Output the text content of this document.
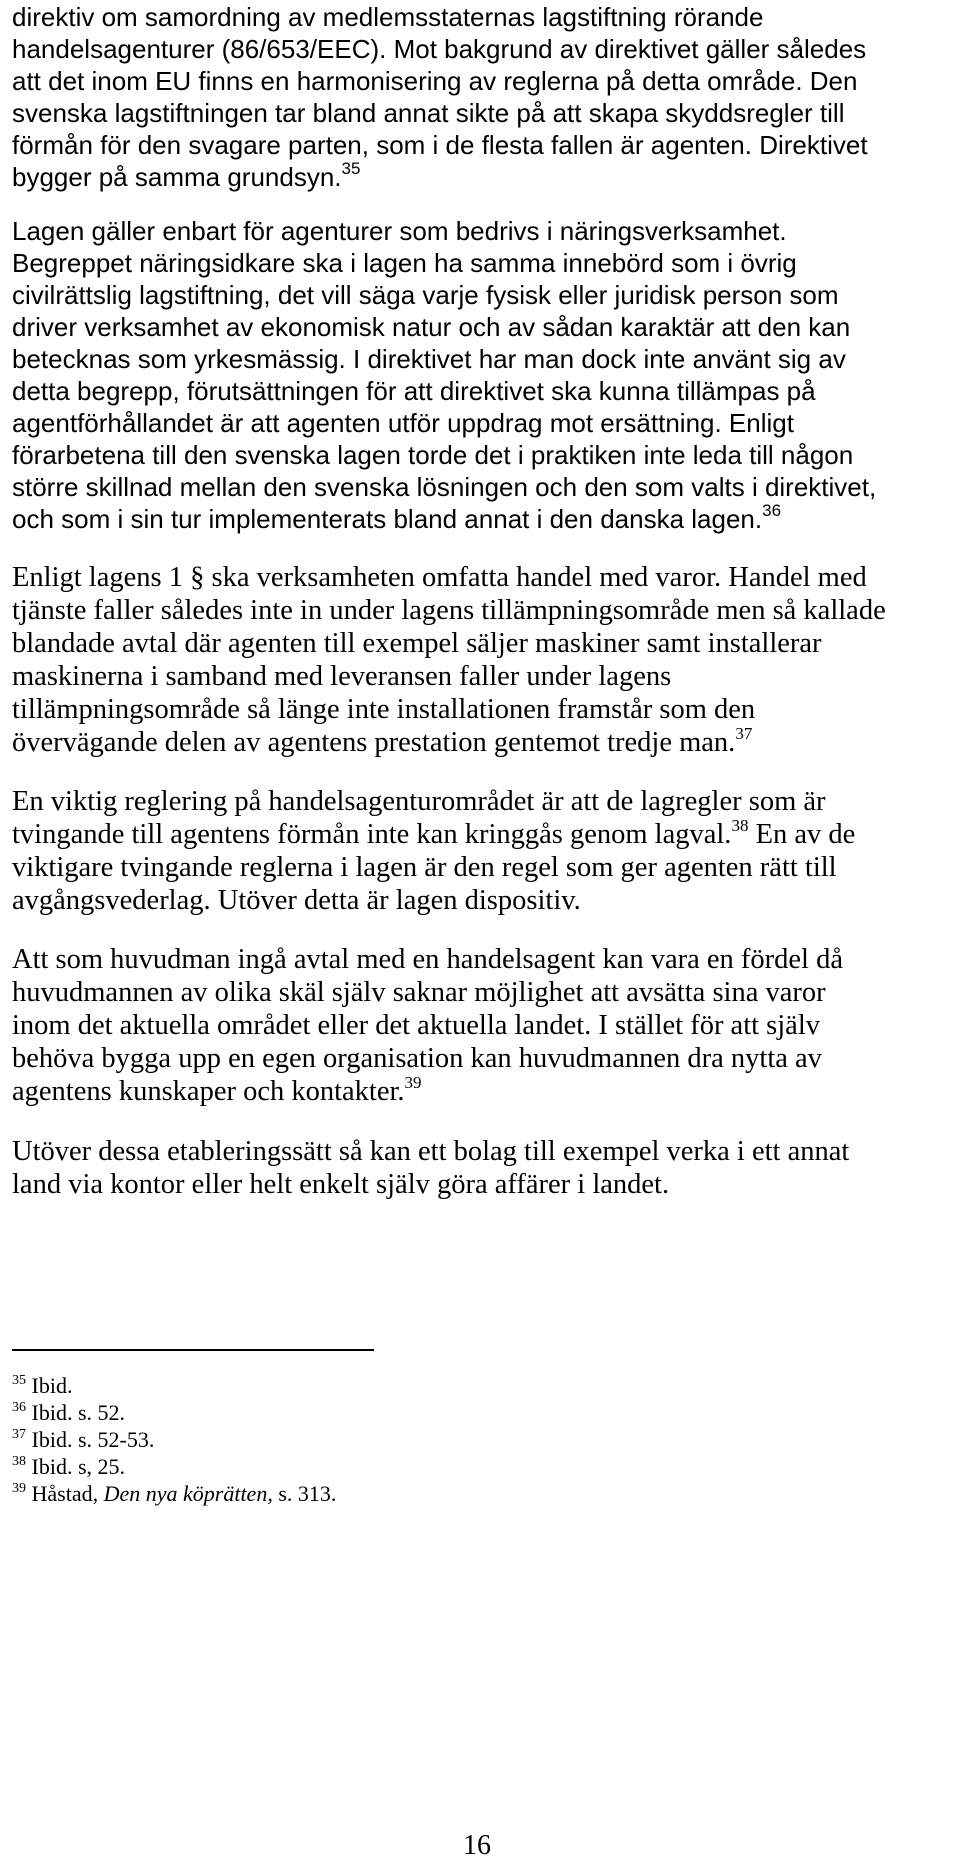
direktiv om samordning av medlemsstaternas lagstiftning rörande
handelsagenturer (86/653/EEC). Mot bakgrund av direktivet gäller således
att det inom EU finns en harmonisering av reglerna på detta område. Den
svenska lagstiftningen tar bland annat sikte på att skapa skyddsregler till
förmån för den svagare parten, som i de flesta fallen är agenten. Direktivet
bygger på samma grundsyn.$^{35}$
Lagen gäller enbart för agenturer som bedrivs i näringsverksamhet.
Begreppet näringsidkare ska i lagen ha samma innebörd som i övrig
civilrättslig lagstiftning, det vill säga varje fysisk eller juridisk person som
driver verksamhet av ekonomisk natur och av sådan karaktär att den kan
betecknas som yrkesmässig. I direktivet har man dock inte använt sig av
detta begrepp, förutsättningen för att direktivet ska kunna tillämpas på
agentförhållandet är att agenten utför uppdrag mot ersättning. Enligt
förarbetena till den svenska lagen torde det i praktiken inte leda till någon
större skillnad mellan den svenska lösningen och den som valts i direktivet,
och som i sin tur implementerats bland annat i den danska lagen.$^{36}$
Enligt lagens 1 § ska verksamheten omfatta handel med varor. Handel med
tjänste faller således inte in under lagens tillämpningsområde men så kallade
blandade avtal där agenten till exempel säljer maskiner samt installerar
maskinerna i samband med leveransen faller under lagens
tillämpningsområde så länge inte installationen framstår som den
övervägande delen av agentens prestation gentemot tredje man.$^{37}$
En viktig reglering på handelsagenturområdet är att de lagregler som är
tvingande till agentens förmån inte kan kringgås genom lagval.$^{38}$ En av de
viktigare tvingande reglerna i lagen är den regel som ger agenten rätt till
avgångsvederlag. Utöver detta är lagen dispositiv.
Att som huvudman ingå avtal med en handelsagent kan vara en fördel då
huvudmannen av olika skäl själv saknar möjlighet att avsätta sina varor
inom det aktuella området eller det aktuella landet. I stället för att själv
behöva bygga upp en egen organisation kan huvudmannen dra nytta av
agentens kunskaper och kontakter.$^{39}$
Utöver dessa etableringssätt så kan ett bolag till exempel verka i ett annat
land via kontor eller helt enkelt själv göra affärer i landet.
$^{35}$ Ibid.
$^{36}$ Ibid. s. 52.
$^{37}$ Ibid. s. 52-53.
$^{38}$ Ibid. s, 25.
$^{39}$ Håstad, Den nya köprätten, s. 313.
16
